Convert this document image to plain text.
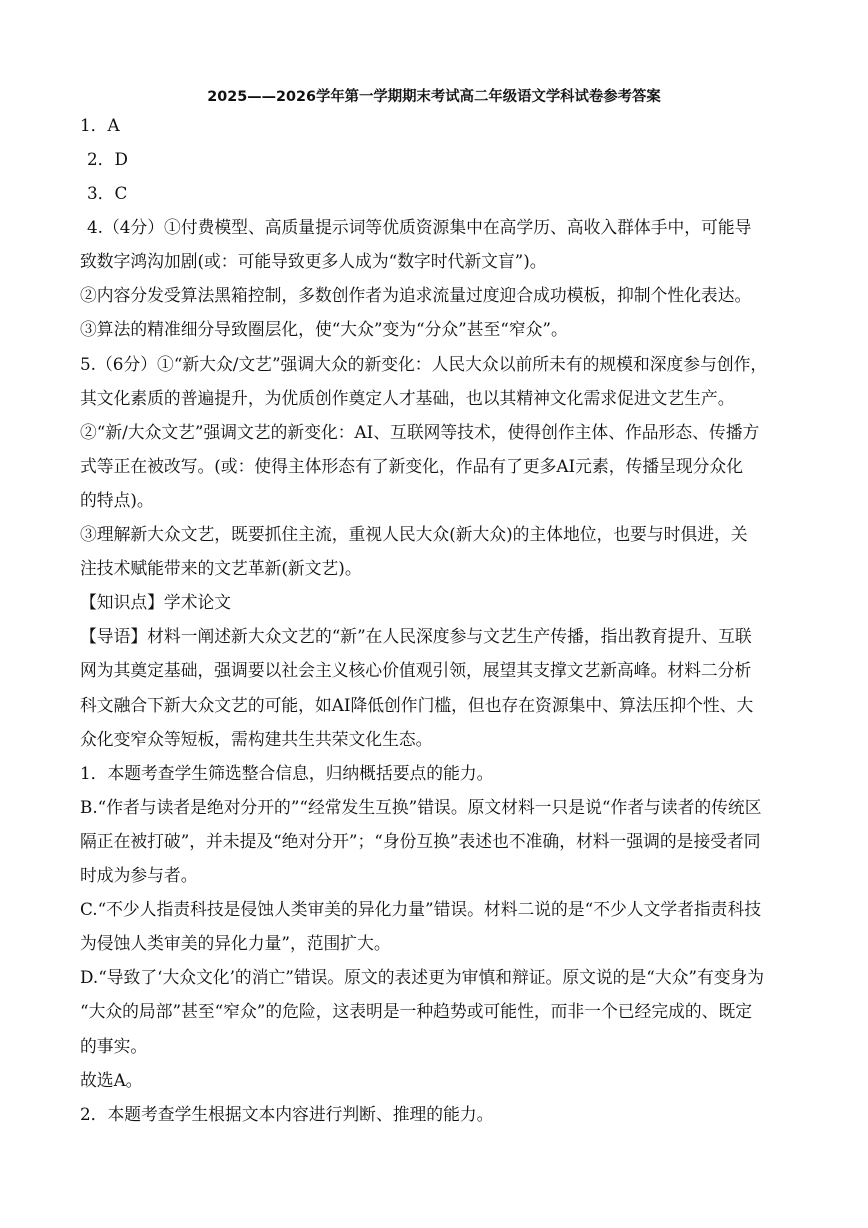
2025——2026学年第一学期期末考试高二年级语文学科试卷参考答案
1．A
2．D
3．C
4.（4分）①付费模型、高质量提示词等优质资源集中在高学历、高收入群体手中，可能导
致数字鸿沟加剧(或：可能导致更多人成为“数字时代新文盲”)。
②内容分发受算法黑箱控制，多数创作者为追求流量过度迎合成功模板，抑制个性化表达。
③算法的精准细分导致圈层化，使“大众”变为“分众”甚至“窄众”。
5.（6分）①“新大众/文艺”强调大众的新变化：人民大众以前所未有的规模和深度参与创作，
其文化素质的普遍提升，为优质创作奠定人才基础，也以其精神文化需求促进文艺生产。
②“新/大众文艺”强调文艺的新变化：AI、互联网等技术，使得创作主体、作品形态、传播方
式等正在被改写。(或：使得主体形态有了新变化，作品有了更多AI元素，传播呈现分众化
的特点)。
③理解新大众文艺，既要抓住主流，重视人民大众(新大众)的主体地位，也要与时俱进，关
注技术赋能带来的文艺革新(新文艺)。
【知识点】学术论文
【导语】材料一阐述新大众文艺的“新”在人民深度参与文艺生产传播，指出教育提升、互联
网为其奠定基础，强调要以社会主义核心价值观引领，展望其支撑文艺新高峰。材料二分析
科文融合下新大众文艺的可能，如AI降低创作门槛，但也存在资源集中、算法压抑个性、大
众化变窄众等短板，需构建共生共荣文化生态。
1．本题考查学生筛选整合信息，归纳概括要点的能力。
B.“作者与读者是绝对分开的”“经常发生互换”错误。原文材料一只是说“作者与读者的传统区
隔正在被打破”，并未提及“绝对分开”；“身份互换”表述也不准确，材料一强调的是接受者同
时成为参与者。
C.“不少人指责科技是侵蚀人类审美的异化力量”错误。材料二说的是“不少人文学者指责科技
为侵蚀人类审美的异化力量”，范围扩大。
D.“导致了‘大众文化’的消亡”错误。原文的表述更为审慎和辩证。原文说的是“大众”有变身为
“大众的局部”甚至“窄众”的危险，这表明是一种趋势或可能性，而非一个已经完成的、既定
的事实。
故选A。
2．本题考查学生根据文本内容进行判断、推理的能力。
